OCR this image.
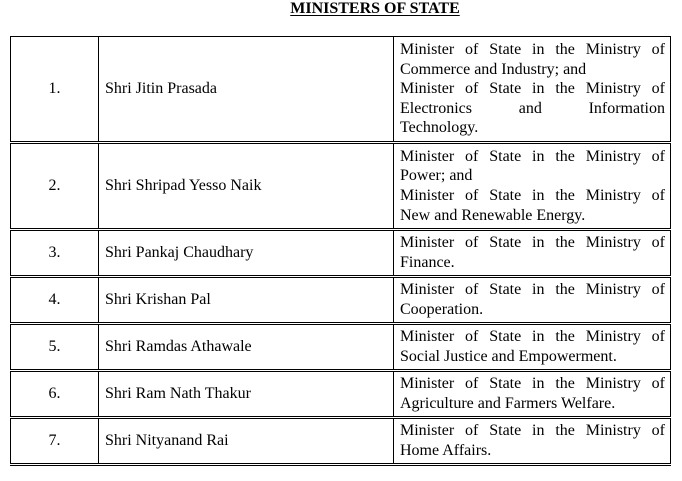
MINISTERS OF STATE
1.	Shri Jitin Prasada	Minister of State in the Ministry of
Commerce and Industry; and
Minister of State in the Ministry of
Electronics and Information
Technology.

2.	Shri Shripad Yesso Naik	Minister of State in the Ministry of
Power; and
Minister of State in the Ministry of
New and Renewable Energy.

3.	Shri Pankaj Chaudhary	Minister of State in the Ministry of
Finance.

4.	Shri Krishan Pal	Minister of State in the Ministry of
Cooperation.

5.	Shri Ramdas Athawale	Minister of State in the Ministry of
Social Justice and Empowerment.

6.	Shri Ram Nath Thakur	Minister of State in the Ministry of
Agriculture and Farmers Welfare.

7.	Shri Nityanand Rai	Minister of State in the Ministry of
Home Affairs.
